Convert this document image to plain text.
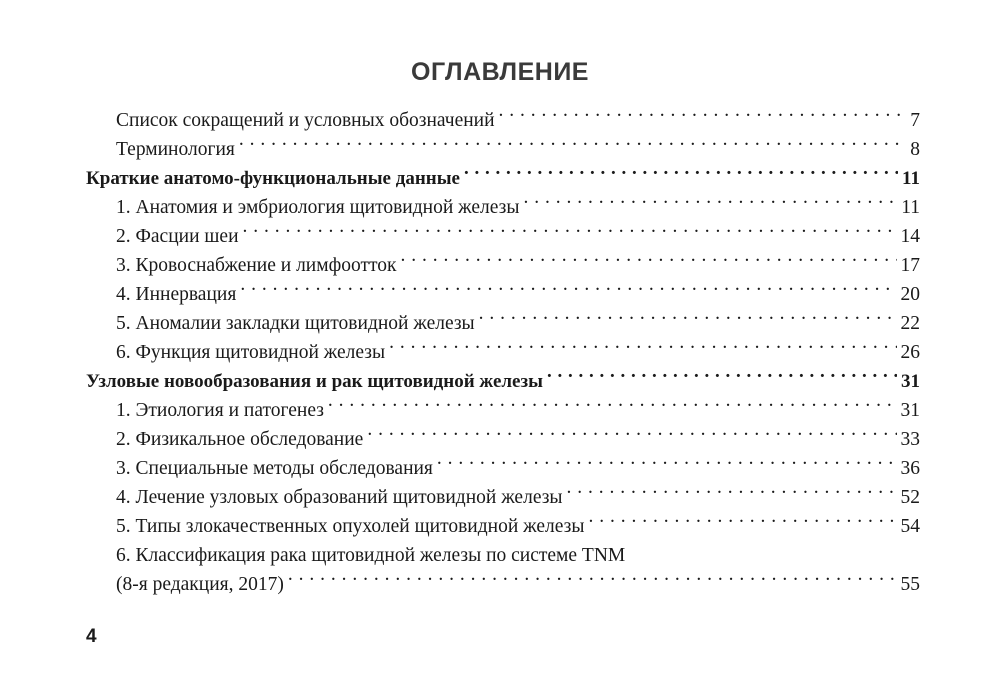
ОГЛАВЛЕНИЕ
Список сокращений и условных обозначений . . .	7
Терминология . . .	8
Краткие анатомо-функциональные данные . . .	11
1. Анатомия и эмбриология щитовидной железы . . .	11
2. Фасции шеи . . .	14
3. Кровоснабжение и лимфоотток . . .	17
4. Иннервация . . .	20
5. Аномалии закладки щитовидной железы . . .	22
6. Функция щитовидной железы . . .	26
Узловые новообразования и рак щитовидной железы . . .	31
1. Этиология и патогенез . . .	31
2. Физикальное обследование . . .	33
3. Специальные методы обследования . . .	36
4. Лечение узловых образований щитовидной железы . . .	52
5. Типы злокачественных опухолей щитовидной железы . . .	54
6. Классификация рака щитовидной железы по системе TNM
(8-я редакция, 2017) . . .	55
4
